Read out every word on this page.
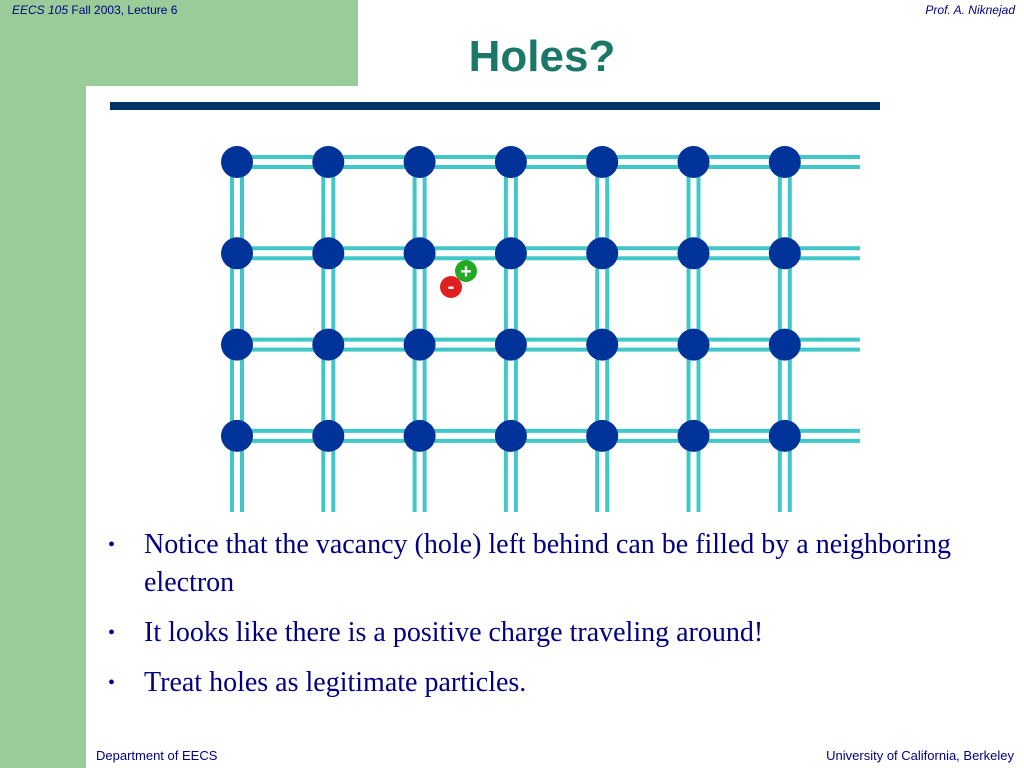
EECS 105 Fall 2003, Lecture 6	Prof. A. Niknejad
Holes?
+
-
• Notice that the vacancy (hole) left behind can be filled by a neighboring electron
• It looks like there is a positive charge traveling around!
• Treat holes as legitimate particles.
Department of EECS	University of California, Berkeley
